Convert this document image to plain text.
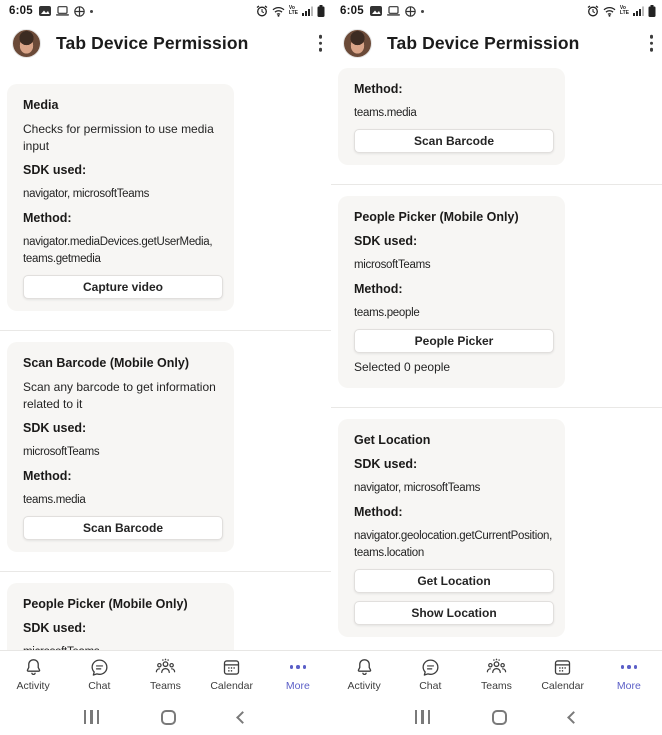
6:05	Vo
LTE
Tab Device Permission
Media
Checks for permission to use media input
SDK used:
navigator, microsoftTeams
Method:
navigator.mediaDevices.getUserMedia, teams.getmedia
Capture video
Scan Barcode (Mobile Only)
Scan any barcode to get information related to it
SDK used:
microsoftTeams
Method:
teams.media
Scan Barcode
People Picker (Mobile Only)
SDK used:
Activity	Chat	Teams	Calendar	More
6:05	Vo
LTE
Tab Device Permission
Method:
teams.media
Scan Barcode
People Picker (Mobile Only)
SDK used:
microsoftTeams
Method:
teams.people
People Picker
Selected 0 people
Get Location
SDK used:
navigator, microsoftTeams
Method:
navigator.geolocation.getCurrentPosition, teams.location
Get Location
Show Location
Activity	Chat	Teams	Calendar	More
